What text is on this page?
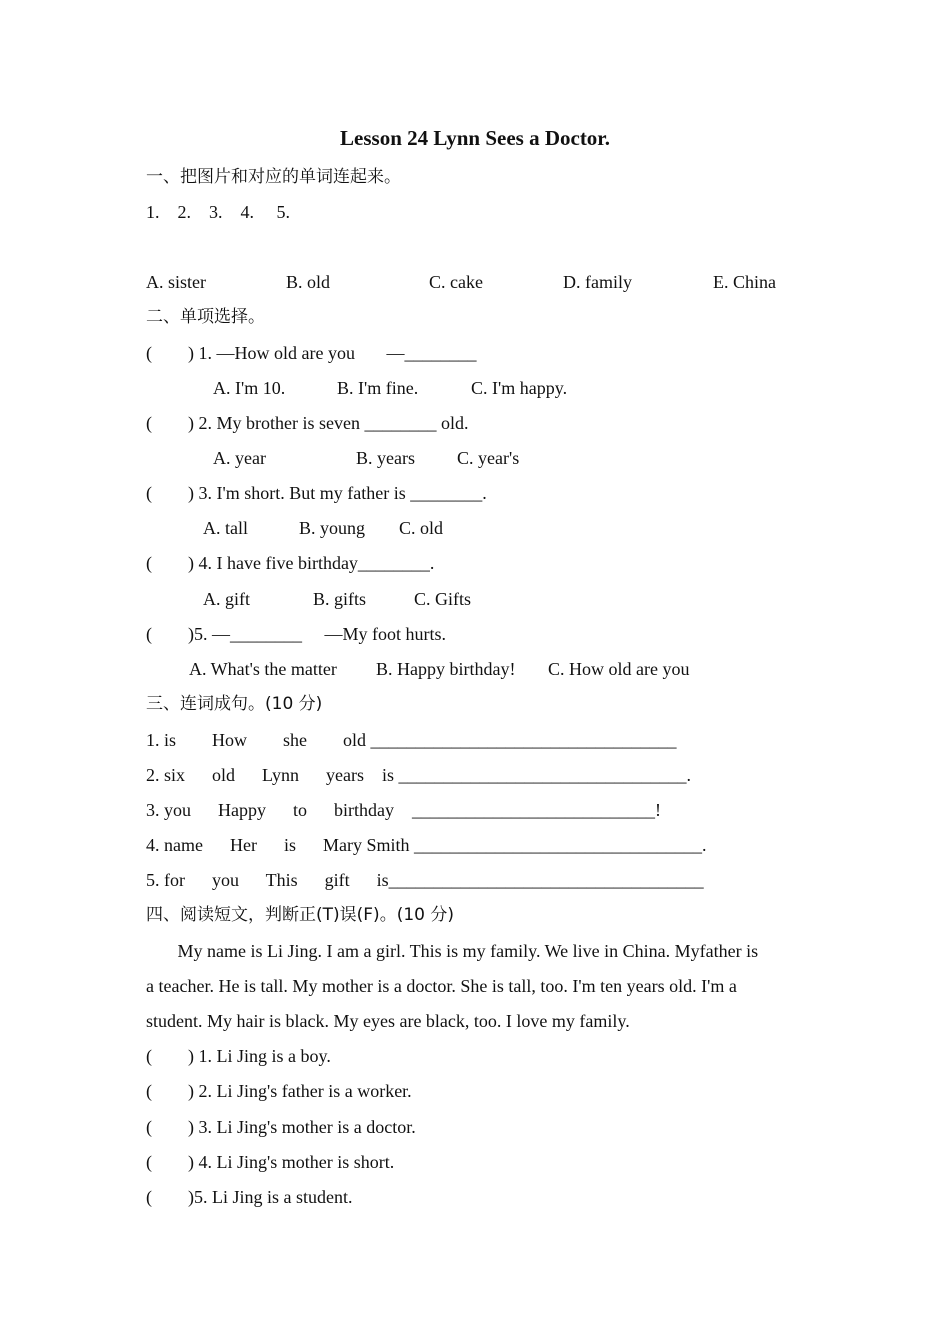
Lesson 24 Lynn Sees a Doctor.
一、把图片和对应的单词连起来。
1.    2.    3.    4.     5.
A. sister	B. old	C. cake	D. family	E. China
二、单项选择。
(        ) 1. —How old are you       —________
A. I'm 10.	B. I'm fine.	C. I'm happy.
(        ) 2. My brother is seven ________ old.
A. year	B. years C. year's
(        ) 3. I'm short. But my father is ________.
A. tall	B. young C. old
(        ) 4. I have five birthday________.
A. gift	B. gifts	C. Gifts
(        )5. —________     —My foot hurts.
A. What's the matter B. Happy birthday! C. How old are you
三、连词成句。(10 分)
1. is        How        she        old __________________________________
2. six      old      Lynn      years    is ________________________________.
3. you      Happy      to      birthday    ___________________________!
4. name      Her      is      Mary Smith ________________________________.
5. for      you      This      gift      is___________________________________
四、阅读短文，判断正(T)误(F)。(10 分)
My name is Li Jing. I am a girl. This is my family. We live in China. Myfather is
a teacher. He is tall. My mother is a doctor. She is tall, too. I'm ten years old. I'm a
student. My hair is black. My eyes are black, too. I love my family.
(        ) 1. Li Jing is a boy.
(        ) 2. Li Jing's father is a worker.
(        ) 3. Li Jing's mother is a doctor.
(        ) 4. Li Jing's mother is short.
(        )5. Li Jing is a student.
